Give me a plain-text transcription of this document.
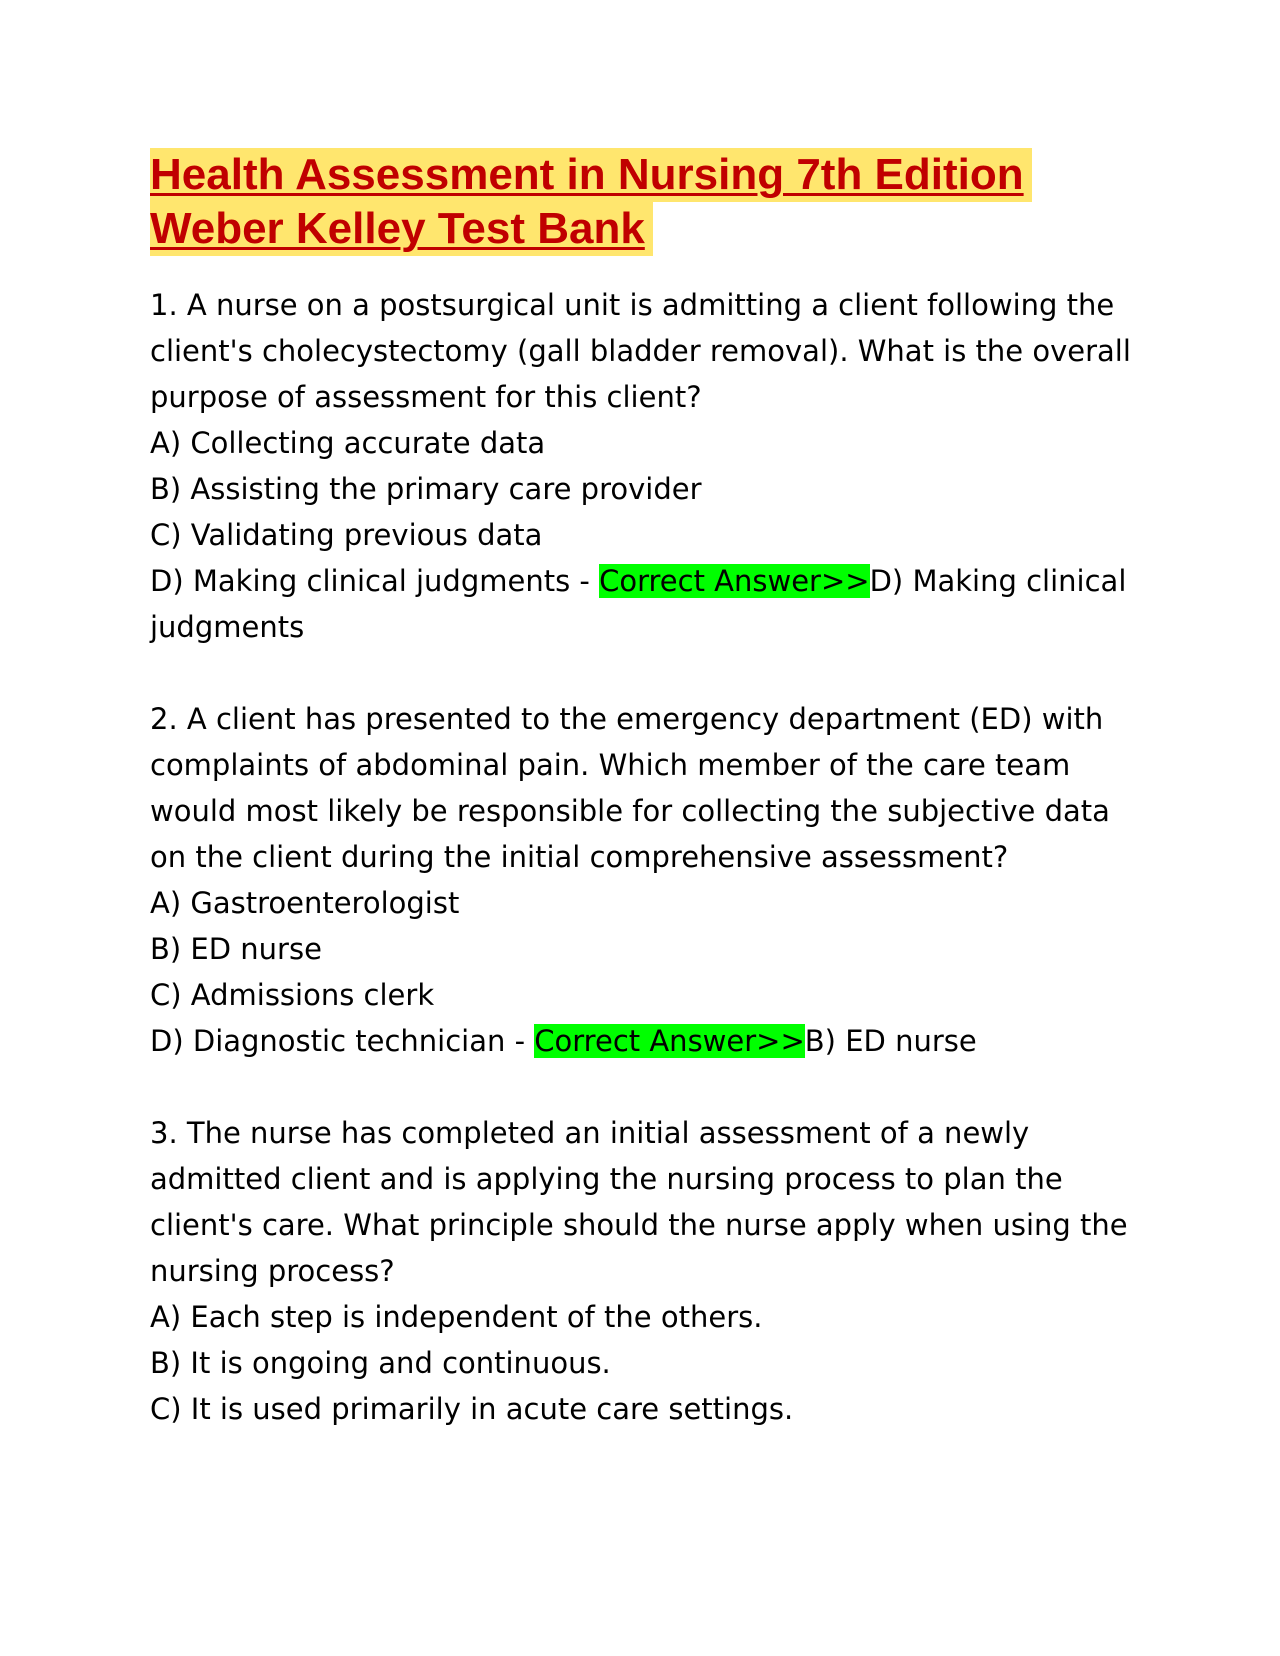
Health Assessment in Nursing 7th Edition
Weber Kelley Test Bank

1. A nurse on a postsurgical unit is admitting a client following the client's cholecystectomy (gall bladder removal). What is the overall purpose of assessment for this client?

A) Collecting accurate data

B) Assisting the primary care provider

C) Validating previous data

D) Making clinical judgments - Correct Answer>>D) Making clinical judgments

2. A client has presented to the emergency department (ED) with complaints of abdominal pain. Which member of the care team would most likely be responsible for collecting the subjective data on the client during the initial comprehensive assessment?

A) Gastroenterologist

B) ED nurse

C) Admissions clerk

D) Diagnostic technician - Correct Answer>>B) ED nurse

3. The nurse has completed an initial assessment of a newly admitted client and is applying the nursing process to plan the client's care. What principle should the nurse apply when using the nursing process?

A) Each step is independent of the others.

B) It is ongoing and continuous.

C) It is used primarily in acute care settings.
